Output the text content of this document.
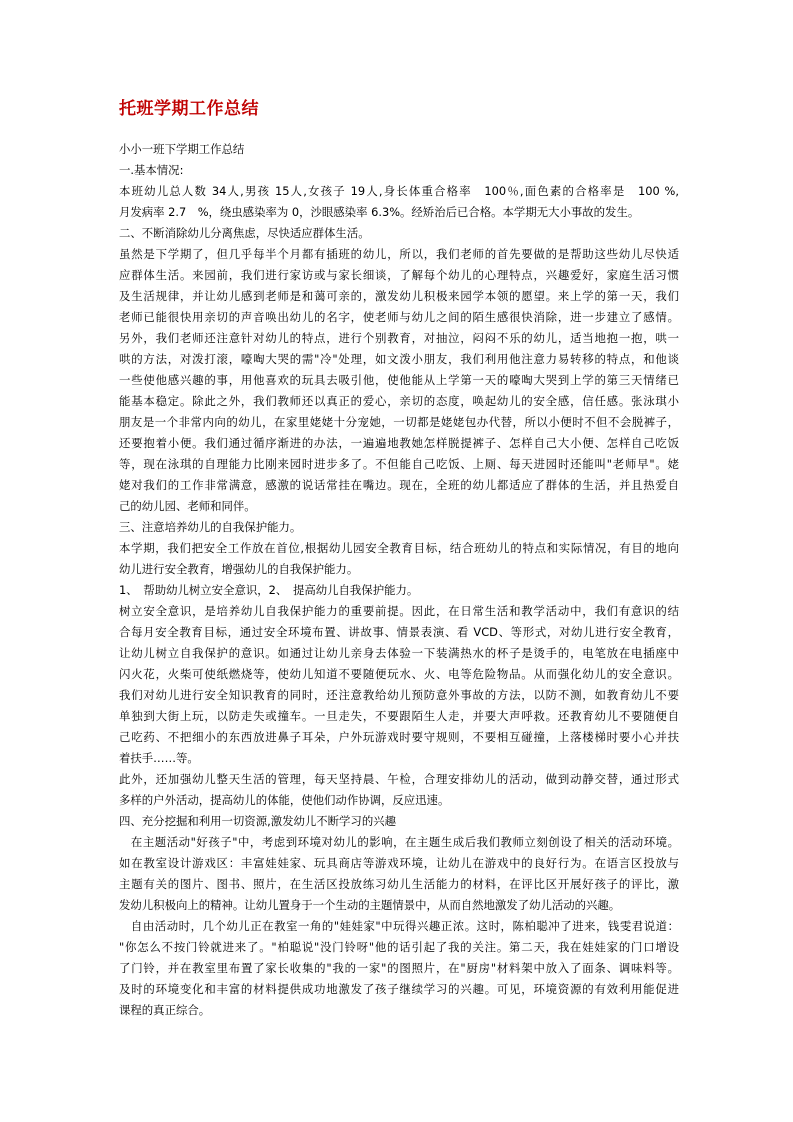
托班学期工作总结
小小一班下学期工作总结
一.基本情况:
本班幼儿总人数 34人,男孩 15人,女孩子 19人,身长体重合格率　100％,面色素的合格率是　100 %,
月发病率 2.7　%，绕虫感染率为 0，沙眼感染率 6.3%。经矫治后已合格。本学期无大小事故的发生。
二、不断消除幼儿分离焦虑，尽快适应群体生活。
虽然是下学期了，但几乎每半个月都有插班的幼儿，所以，我们老师的首先要做的是帮助这些幼儿尽快适
应群体生活。来园前，我们进行家访或与家长细谈，了解每个幼儿的心理特点，兴趣爱好，家庭生活习惯
及生活规律，并让幼儿感到老师是和蔼可亲的，激发幼儿积极来园学本领的愿望。来上学的第一天，我们
老师已能很快用亲切的声音唤出幼儿的名字，使老师与幼儿之间的陌生感很快消除，进一步建立了感情。
另外，我们老师还注意针对幼儿的特点，进行个别教育，对抽泣，闷闷不乐的幼儿，适当地抱一抱，哄一
哄的方法，对泼打滚，嚎啕大哭的需"冷"处理，如文泼小朋友，我们利用他注意力易转移的特点，和他谈
一些使他感兴趣的事，用他喜欢的玩具去吸引他，使他能从上学第一天的嚎啕大哭到上学的第三天情绪已
能基本稳定。除此之外，我们教师还以真正的爱心，亲切的态度，唤起幼儿的安全感，信任感。张泳琪小
朋友是一个非常内向的幼儿，在家里姥姥十分宠她，一切都是姥姥包办代替，所以小便时不但不会脱裤子，
还要抱着小便。我们通过循序渐进的办法，一遍遍地教她怎样脱提裤子、怎样自己大小便、怎样自己吃饭
等，现在泳琪的自理能力比刚来园时进步多了。不但能自己吃饭、上厕、每天进园时还能叫"老师早"。姥
姥对我们的工作非常满意，感激的说话常挂在嘴边。现在，全班的幼儿都适应了群体的生活，并且热爱自
己的幼儿园、老师和同伴。
三、注意培养幼儿的自我保护能力。
本学期，我们把安全工作放在首位,根据幼儿园安全教育目标，结合班幼儿的特点和实际情况，有目的地向
幼儿进行安全教育，增强幼儿的自我保护能力。
1、　帮助幼儿树立安全意识，2、　提高幼儿自我保护能力。
树立安全意识，是培养幼儿自我保护能力的重要前提。因此，在日常生活和教学活动中，我们有意识的结
合每月安全教育目标，通过安全环境布置、讲故事、情景表演、看 VCD、等形式，对幼儿进行安全教育，
让幼儿树立自我保护的意识。如通过让幼儿亲身去体验一下装满热水的杯子是烫手的，电笔放在电插座中
闪火花，火柴可使纸燃烧等，使幼儿知道不要随便玩水、火、电等危险物品。从而强化幼儿的安全意识。
我们对幼儿进行安全知识教育的同时，还注意教给幼儿预防意外事故的方法，以防不测，如教育幼儿不要
单独到大街上玩，以防走失或撞车。一旦走失，不要跟陌生人走，并要大声呼救。还教育幼儿不要随便自
己吃药、不把细小的东西放进鼻子耳朵，户外玩游戏时要守规则，不要相互碰撞，上落楼梯时要小心并扶
着扶手……等。
此外，还加强幼儿整天生活的管理，每天坚持晨、午检，合理安排幼儿的活动，做到动静交替，通过形式
多样的户外活动，提高幼儿的体能，使他们动作协调，反应迅速。
四、充分挖掘和利用一切资源,激发幼儿不断学习的兴趣
　在主题活动"好孩子"中，考虑到环境对幼儿的影响，在主题生成后我们教师立刻创设了相关的活动环境。
如在教室设计游戏区：丰富娃娃家、玩具商店等游戏环境，让幼儿在游戏中的良好行为。在语言区投放与
主题有关的图片、图书、照片，在生活区投放练习幼儿生活能力的材料，在评比区开展好孩子的评比，激
发幼儿积极向上的精神。让幼儿置身于一个生动的主题情景中，从而自然地激发了幼儿活动的兴趣。
　自由活动时，几个幼儿正在教室一角的"娃娃家"中玩得兴趣正浓。这时，陈柏聪冲了进来，钱雯君说道：
"你怎么不按门铃就进来了。"柏聪说"没门铃呀"他的话引起了我的关注。第二天，我在娃娃家的门口增设
了门铃，并在教室里布置了家长收集的"我的一家"的图照片，在"厨房"材料架中放入了面条、调味料等。
及时的环境变化和丰富的材料提供成功地激发了孩子继续学习的兴趣。可见，环境资源的有效利用能促进
课程的真正综合。
